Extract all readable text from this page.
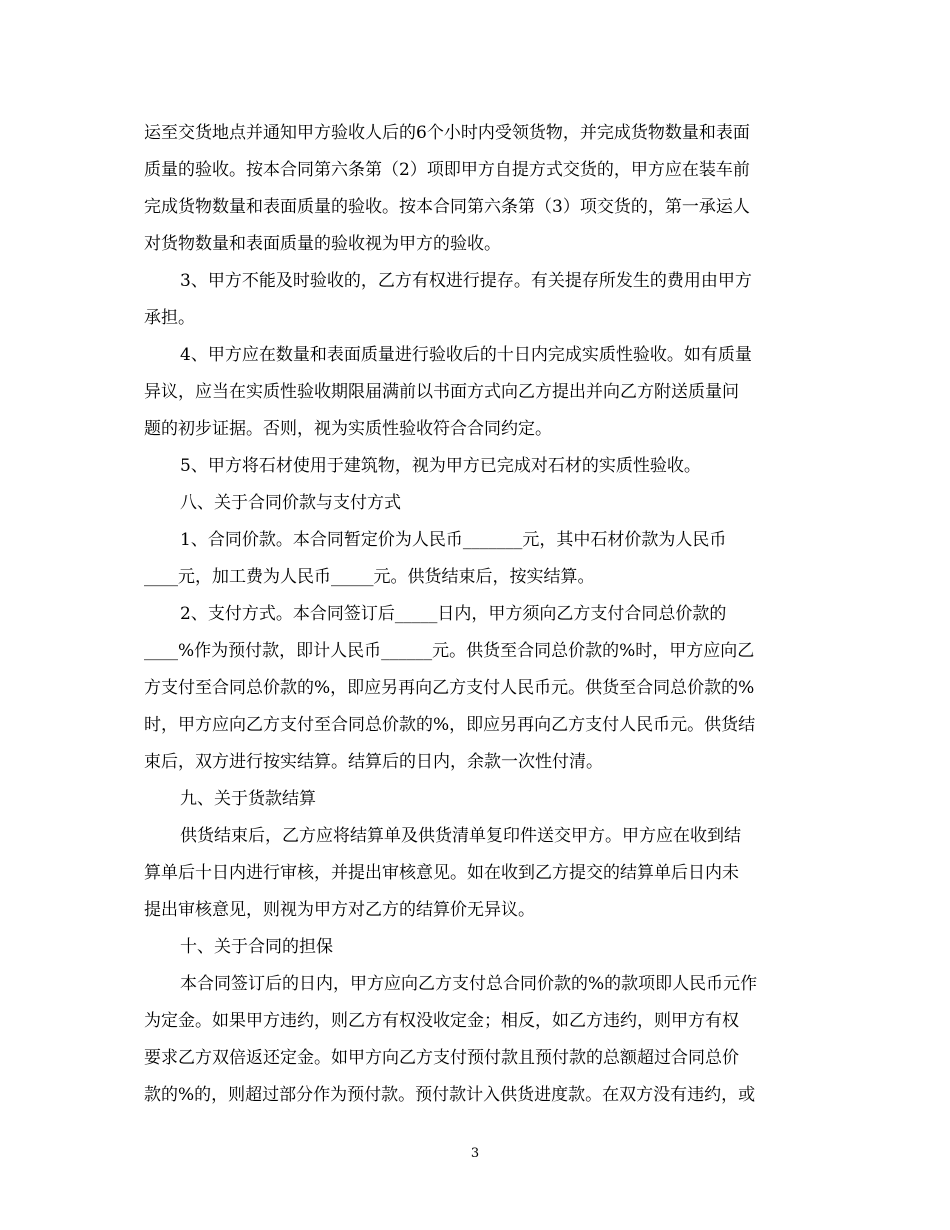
运至交货地点并通知甲方验收人后的6个小时内受领货物，并完成货物数量和表面
质量的验收。按本合同第六条第（2）项即甲方自提方式交货的，甲方应在装车前
完成货物数量和表面质量的验收。按本合同第六条第（3）项交货的，第一承运人
对货物数量和表面质量的验收视为甲方的验收。
3、甲方不能及时验收的，乙方有权进行提存。有关提存所发生的费用由甲方
承担。
4、甲方应在数量和表面质量进行验收后的十日内完成实质性验收。如有质量
异议，应当在实质性验收期限届满前以书面方式向乙方提出并向乙方附送质量问
题的初步证据。否则，视为实质性验收符合合同约定。
5、甲方将石材使用于建筑物，视为甲方已完成对石材的实质性验收。
八、关于合同价款与支付方式
1、合同价款。本合同暂定价为人民币_______元，其中石材价款为人民币
____元，加工费为人民币_____元。供货结束后，按实结算。
2、支付方式。本合同签订后_____日内，甲方须向乙方支付合同总价款的
____%作为预付款，即计人民币______元。供货至合同总价款的%时，甲方应向乙
方支付至合同总价款的%，即应另再向乙方支付人民币元。供货至合同总价款的%
时，甲方应向乙方支付至合同总价款的%，即应另再向乙方支付人民币元。供货结
束后，双方进行按实结算。结算后的日内，余款一次性付清。
九、关于货款结算
供货结束后，乙方应将结算单及供货清单复印件送交甲方。甲方应在收到结
算单后十日内进行审核，并提出审核意见。如在收到乙方提交的结算单后日内未
提出审核意见，则视为甲方对乙方的结算价无异议。
十、关于合同的担保
本合同签订后的日内，甲方应向乙方支付总合同价款的%的款项即人民币元作
为定金。如果甲方违约，则乙方有权没收定金；相反，如乙方违约，则甲方有权
要求乙方双倍返还定金。如甲方向乙方支付预付款且预付款的总额超过合同总价
款的%的，则超过部分作为预付款。预付款计入供货进度款。在双方没有违约，或
3
